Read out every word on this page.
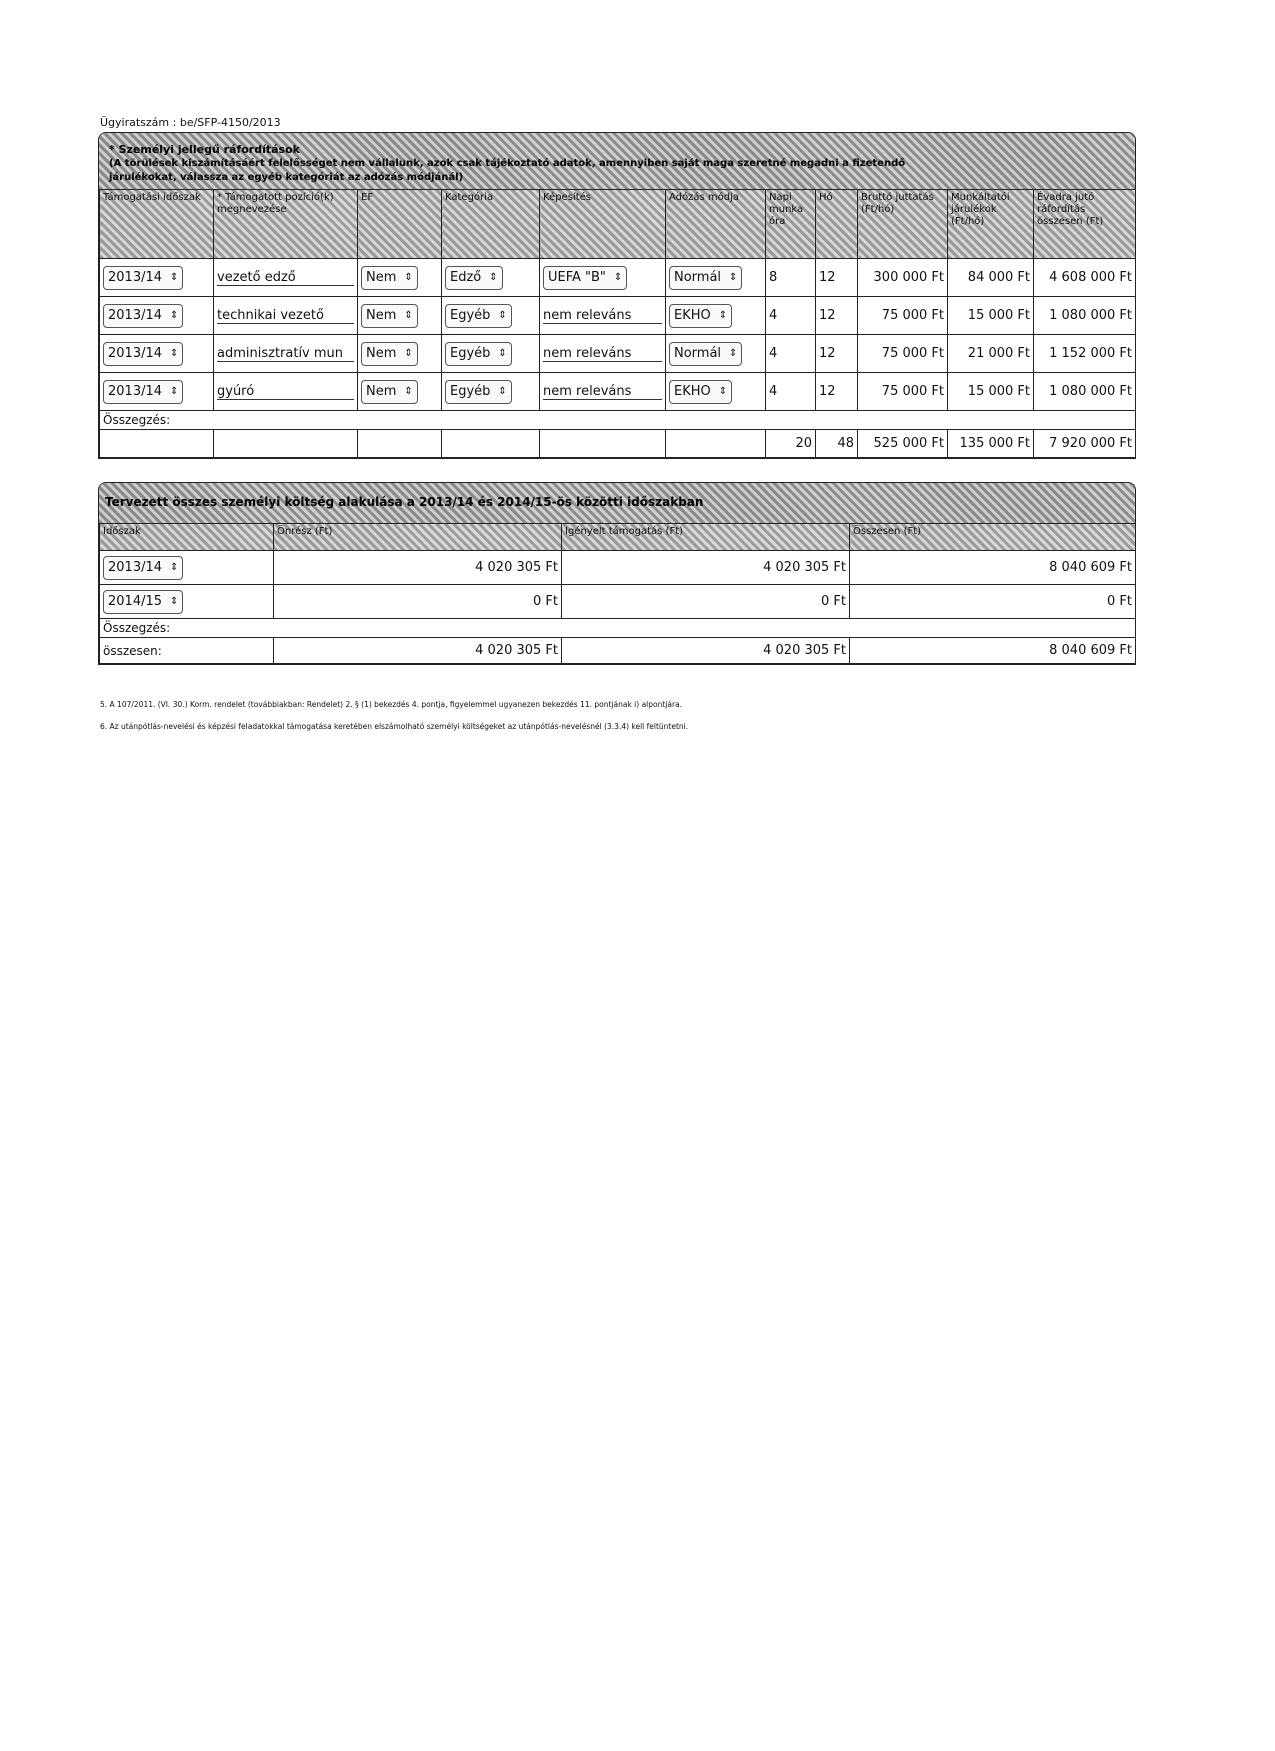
Ügyiratszám : be/SFP-4150/2013
* Személyi jellegű ráfordítások
(A törülések kiszámításáért felelősséget nem vállalunk, azok csak tájékoztató adatok, amennyiben saját maga szeretné megadni a fizetendő
járulékokat, válassza az egyéb kategóriát az adózás módjánál)
Támogatási időszak	* Támogatott pozíció(k) megnevezése	EF	Kategória	Képesítés	Adózás módja	Napi munka óra	Hó	Bruttó juttatás (Ft/hó)	Munkáltatói járulékok (Ft/hó)	Évadra jutó ráfordítás összesen (Ft)

2013/14 ⇕	vezető edző	Nem ⇕	Edző ⇕	UEFA "B" ⇕	Normál ⇕	8	12	300 000 Ft	84 000 Ft	4 608 000 Ft

2013/14 ⇕	technikai vezető	Nem ⇕	Egyéb ⇕	nem releváns	EKHO ⇕	4	12	75 000 Ft	15 000 Ft	1 080 000 Ft

2013/14 ⇕	adminisztratív mun	Nem ⇕	Egyéb ⇕	nem releváns	Normál ⇕	4	12	75 000 Ft	21 000 Ft	1 152 000 Ft

2013/14 ⇕	gyúró	Nem ⇕	Egyéb ⇕	nem releváns	EKHO ⇕	4	12	75 000 Ft	15 000 Ft	1 080 000 Ft
Összegzés:										
						20	48	525 000 Ft	135 000 Ft	7 920 000 Ft
Tervezett összes személyi költség alakulása a 2013/14 és 2014/15-ös közötti időszakban
Időszak	Önrész (Ft)	Igényelt támogatás (Ft)	Összesen (Ft)

2013/14 ⇕	4 020 305 Ft	4 020 305 Ft	8 040 609 Ft

2014/15 ⇕	0 Ft	0 Ft	0 Ft
Összegzés:			
összesen:	4 020 305 Ft	4 020 305 Ft	8 040 609 Ft
5. A 107/2011. (VI. 30.) Korm. rendelet (továbbiakban: Rendelet) 2. § (1) bekezdés 4. pontja, figyelemmel ugyanezen bekezdés 11. pontjának i) alpontjára.
6. Az utánpótlás-nevelési és képzési feladatokkal támogatása keretében elszámolható személyi költségeket az utánpótlás-nevelésnél (3.3.4) kell feltüntetni.
